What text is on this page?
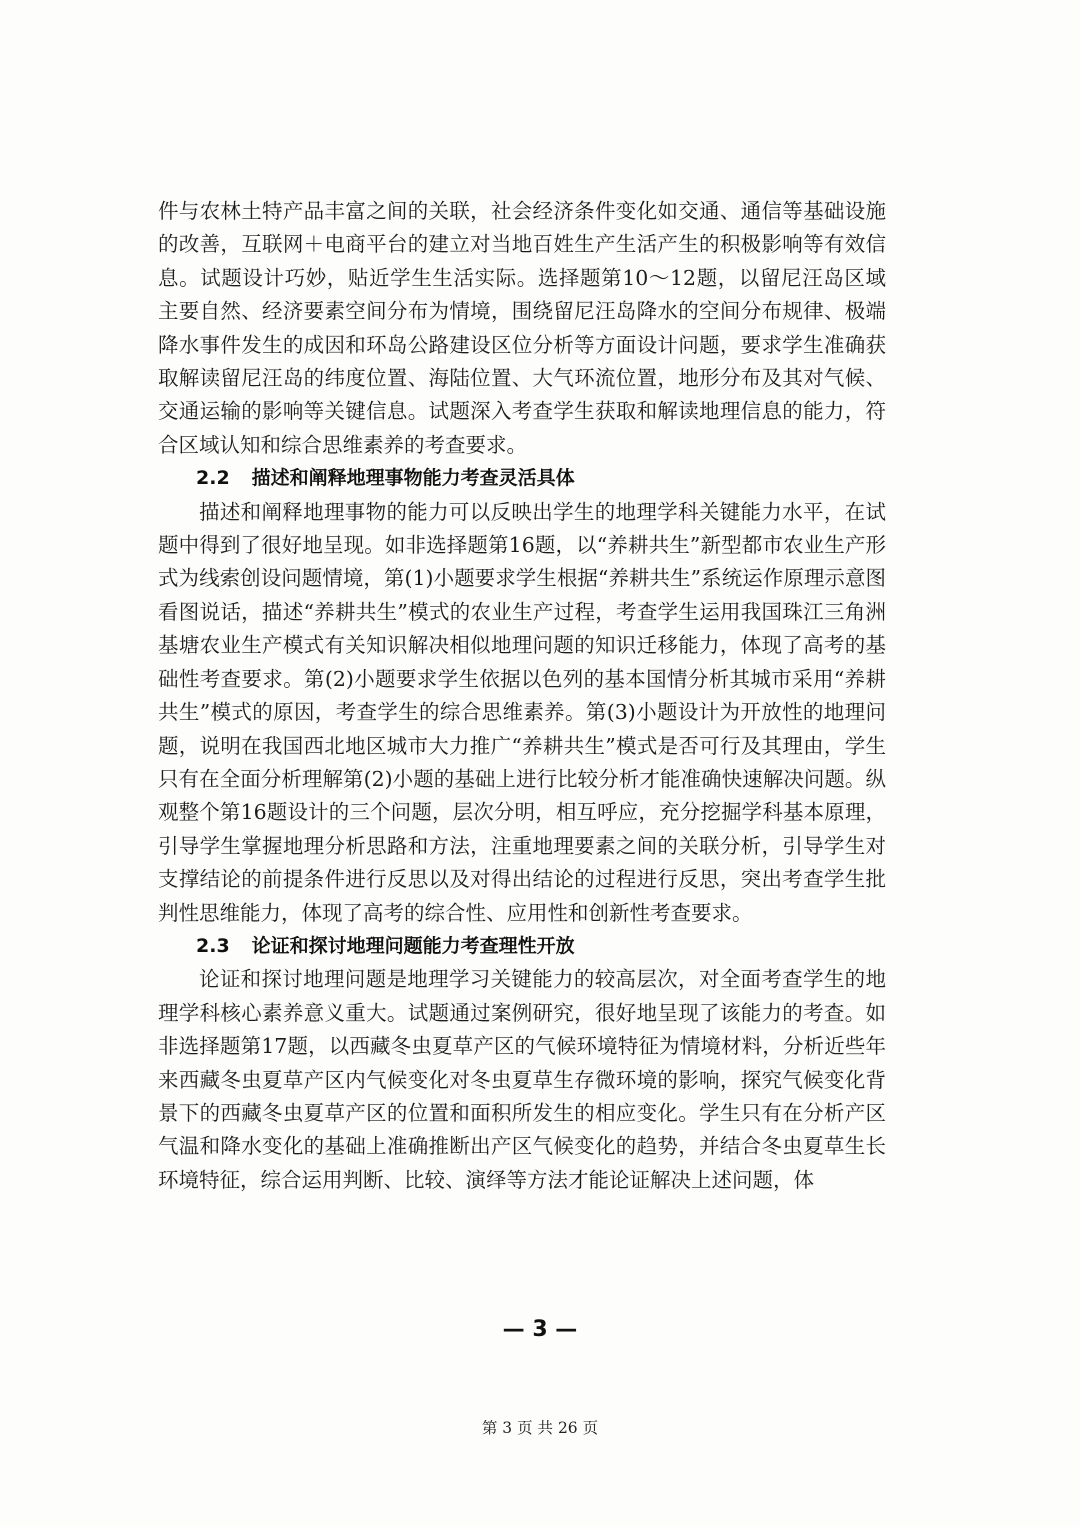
件与农林土特产品丰富之间的关联，社会经济条件变化如交通、通信等基础设施的改善，互联网＋电商平台的建立对当地百姓生产生活产生的积极影响等有效信息。试题设计巧妙，贴近学生生活实际。选择题第10～12题，以留尼汪岛区域主要自然、经济要素空间分布为情境，围绕留尼汪岛降水的空间分布规律、极端降水事件发生的成因和环岛公路建设区位分析等方面设计问题，要求学生准确获取解读留尼汪岛的纬度位置、海陆位置、大气环流位置，地形分布及其对气候、交通运输的影响等关键信息。试题深入考查学生获取和解读地理信息的能力，符合区域认知和综合思维素养的考查要求。

2.2 描述和阐释地理事物能力考查灵活具体

描述和阐释地理事物的能力可以反映出学生的地理学科关键能力水平，在试题中得到了很好地呈现。如非选择题第16题，以“养耕共生”新型都市农业生产形式为线索创设问题情境，第(1)小题要求学生根据“养耕共生”系统运作原理示意图看图说话，描述“养耕共生”模式的农业生产过程，考查学生运用我国珠江三角洲基塘农业生产模式有关知识解决相似地理问题的知识迁移能力，体现了高考的基础性考查要求。第(2)小题要求学生依据以色列的基本国情分析其城市采用“养耕共生”模式的原因，考查学生的综合思维素养。第(3)小题设计为开放性的地理问题，说明在我国西北地区城市大力推广“养耕共生”模式是否可行及其理由，学生只有在全面分析理解第(2)小题的基础上进行比较分析才能准确快速解决问题。纵观整个第16题设计的三个问题，层次分明，相互呼应，充分挖掘学科基本原理，引导学生掌握地理分析思路和方法，注重地理要素之间的关联分析，引导学生对支撑结论的前提条件进行反思以及对得出结论的过程进行反思，突出考查学生批判性思维能力，体现了高考的综合性、应用性和创新性考查要求。

2.3 论证和探讨地理问题能力考查理性开放

论证和探讨地理问题是地理学习关键能力的较高层次，对全面考查学生的地理学科核心素养意义重大。试题通过案例研究，很好地呈现了该能力的考查。如非选择题第17题，以西藏冬虫夏草产区的气候环境特征为情境材料，分析近些年来西藏冬虫夏草产区内气候变化对冬虫夏草生存微环境的影响，探究气候变化背景下的西藏冬虫夏草产区的位置和面积所发生的相应变化。学生只有在分析产区气温和降水变化的基础上准确推断出产区气候变化的趋势，并结合冬虫夏草生长环境特征，综合运用判断、比较、演绎等方法才能论证解决上述问题，体

— 3 —
第 3 页 共 26 页
